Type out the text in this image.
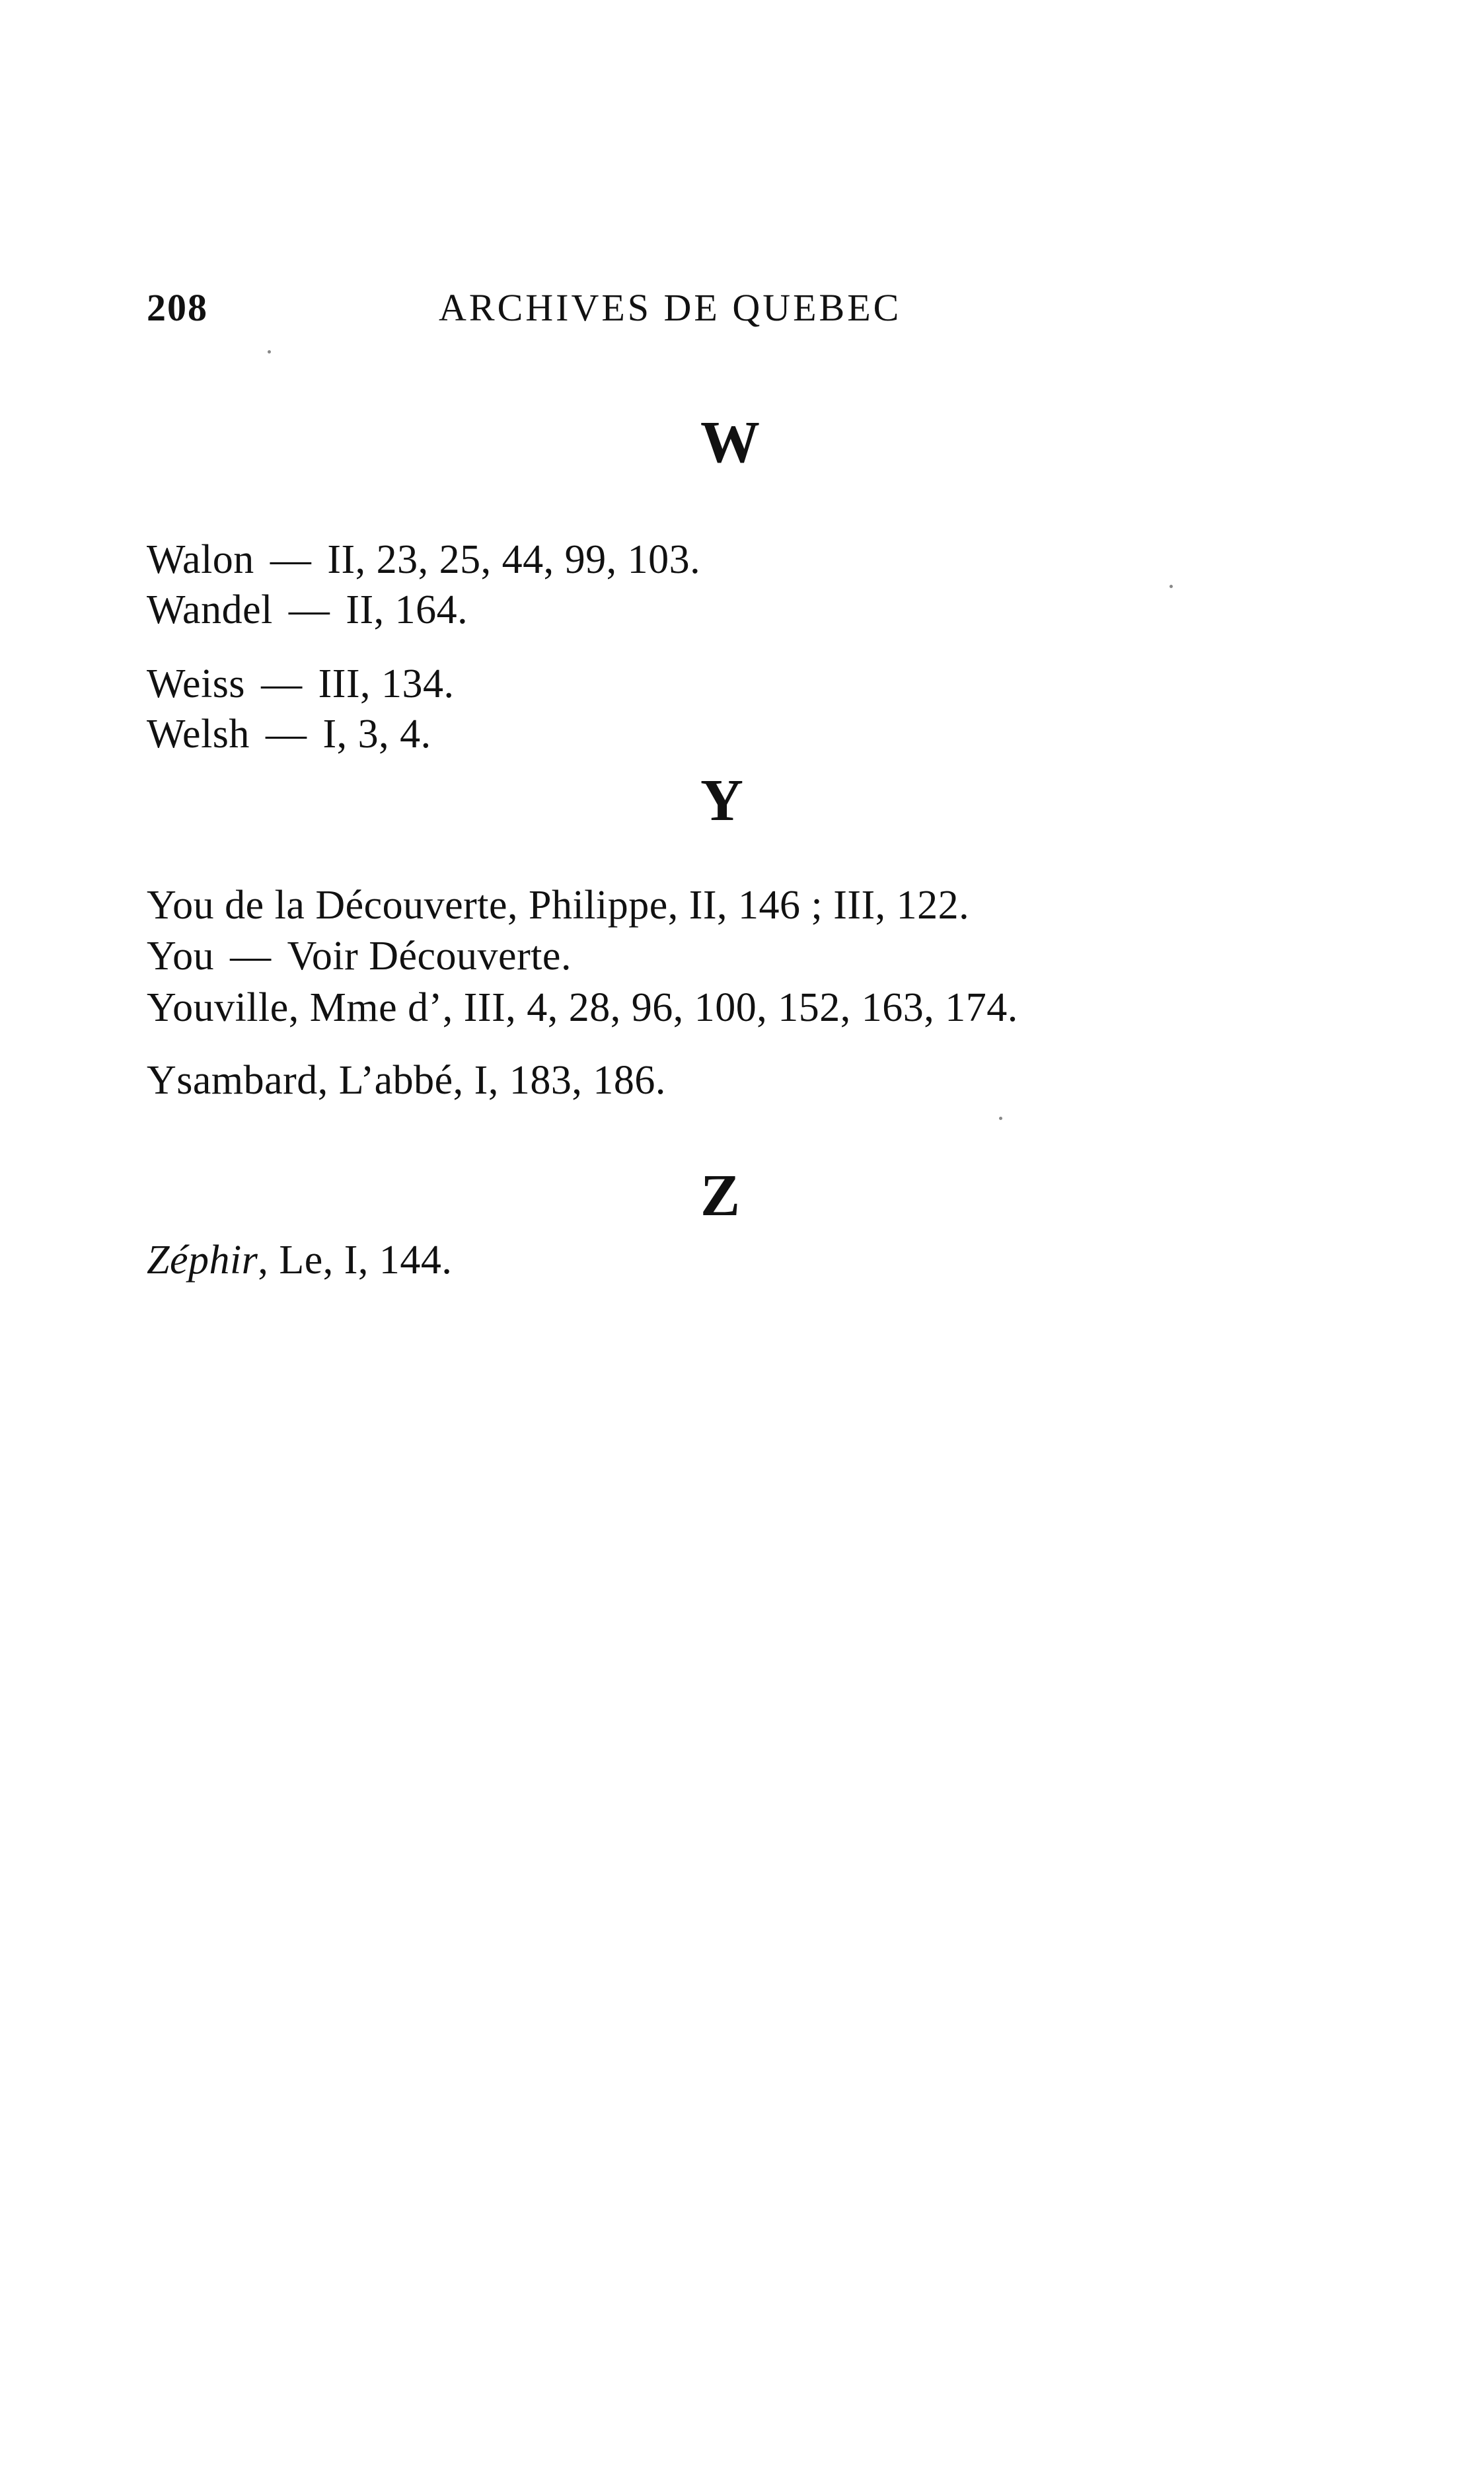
208	ARCHIVES DE QUEBEC
W
Walon — II, 23, 25, 44, 99, 103.
Wandel — II, 164.
Weiss — III, 134.
Welsh — I, 3, 4.
Y
You de la Découverte, Philippe, II, 146 ; III, 122.
You — Voir Découverte.
Youville, Mme d’, III, 4, 28, 96, 100, 152, 163, 174.
Ysambard, L’abbé, I, 183, 186.
Z
Zéphir, Le, I, 144.
